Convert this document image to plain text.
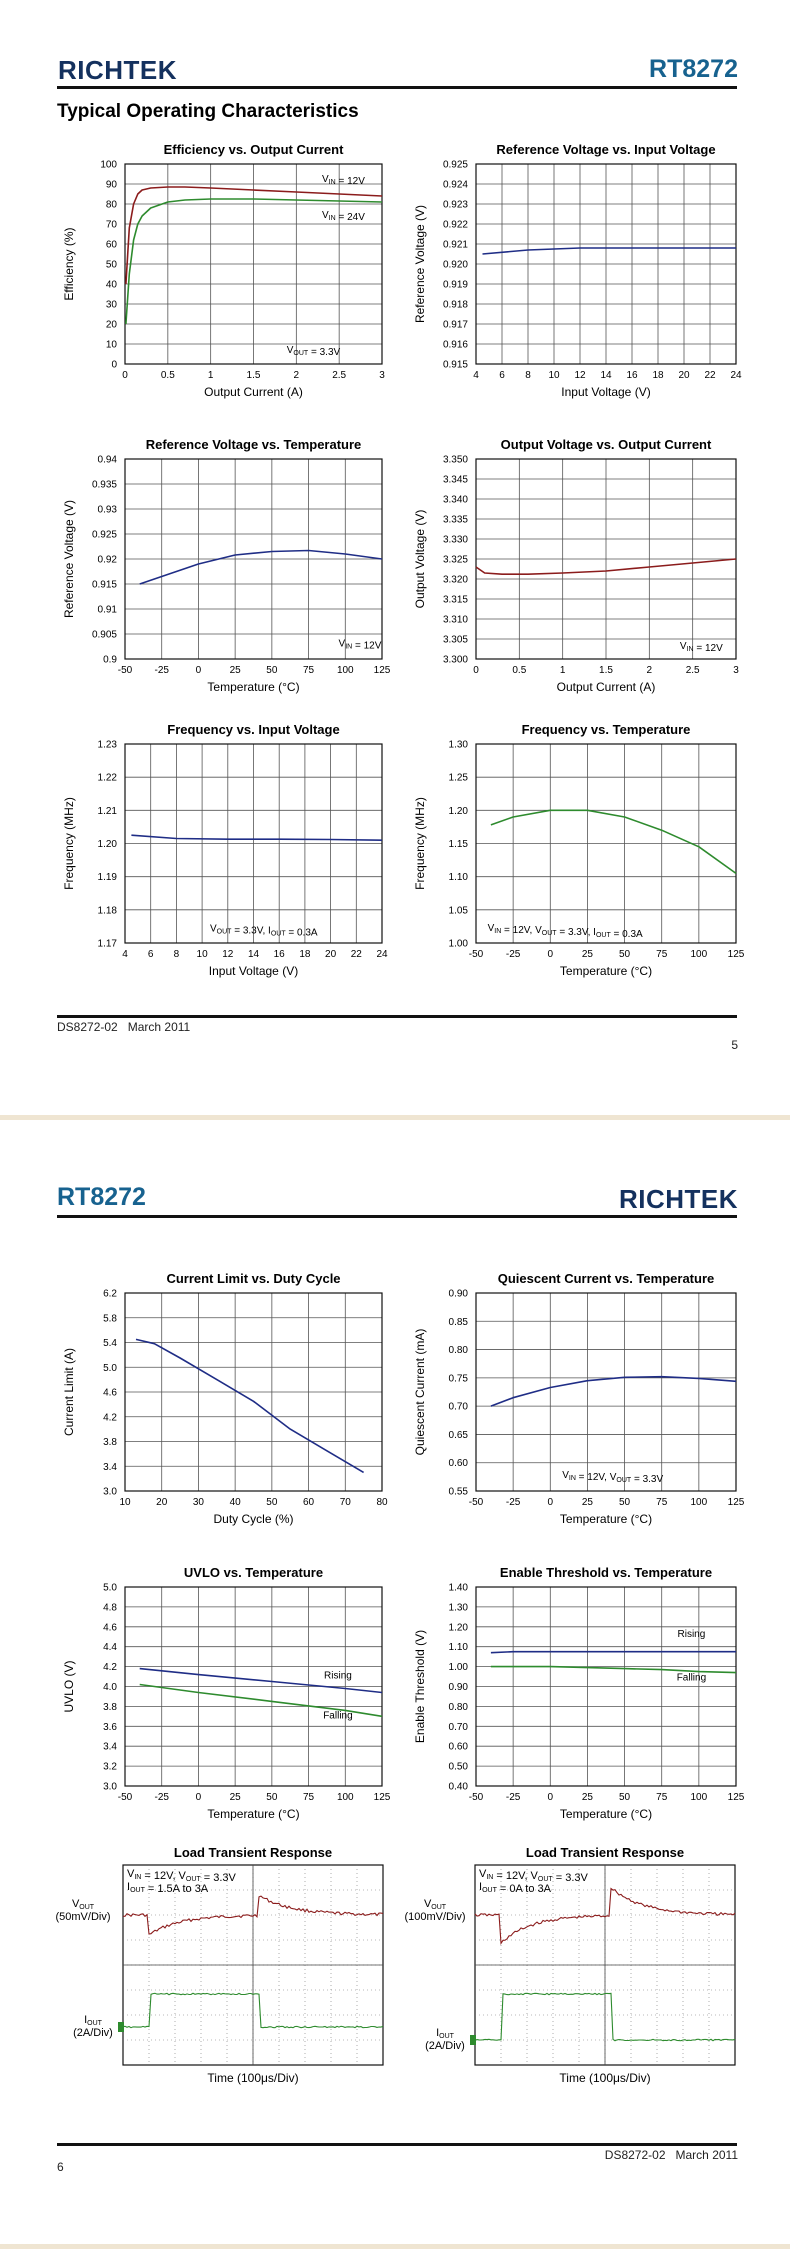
RICHTEK	RT8272
Typical Operating Characteristics
Efficiency vs. Output Current
0	0.5	1	1.5	2	2.5	3
0
10
20
30
40
50
60
70
80
90
100
Output Current (A)
Efficiency (%)
$V_{IN} = 12V$
$V_{IN} = 24V$
$V_{OUT} = 3.3V$
Reference Voltage vs. Input Voltage
4 6 8 10 12 14 16 18 20 22 24
0.915
0.916
0.917
0.918
0.919
0.920
0.921
0.922
0.923
0.924
0.925
Input Voltage (V)
Reference Voltage (V)
Reference Voltage vs. Temperature
-50 -25	0	25	50	75 100 125
0.9
0.905
0.91
0.915
0.92
0.925
0.93
0.935
0.94
Temperature (°C)
Reference Voltage (V)
$V_{IN} = 12V$
Output Voltage vs. Output Current
0	0.5	1	1.5	2	2.5	3
3.300
3.305
3.310
3.315
3.320
3.325
3.330
3.335
3.340
3.345
3.350
Output Current (A)
Output Voltage (V)
$V_{IN} = 12V$
Frequency vs. Input Voltage
4 6 8 10 12 14 16 18 20 22 24
1.17
1.18
1.19
1.20
1.21
1.22
1.23
Input Voltage (V)
Frequency (MHz)
$V_{OUT} = 3.3V$, $I_{OUT} = 0.3A$
Frequency vs. Temperature
-50 -25	0	25	50	75 100 125
1.00
1.05
1.10
1.15
1.20
1.25
1.30
Temperature (°C)
Frequency (MHz)
$V_{IN} = 12V$, $V_{OUT} = 3.3V$, $I_{OUT} = 0.3A$
Current Limit vs. Duty Cycle
10	20	30	40	50	60	70	80
3.0
3.4
3.8
4.2
4.6
5.0
5.4
5.8
6.2
Duty Cycle (%)
Current Limit (A)
Quiescent Current vs. Temperature
-50 -25	0	25	50	75 100 125
0.55
0.60
0.65
0.70
0.75
0.80
0.85
0.90
Temperature (°C)
Quiescent Current (mA)
$V_{IN} = 12V$, $V_{OUT} = 3.3V$
UVLO vs. Temperature
-50 -25	0	25	50	75 100 125
3.0
3.2
3.4
3.6
3.8
4.0
4.2
4.4
4.6
4.8
5.0
Temperature (°C)
UVLO (V)	Rising
Falling
Enable Threshold vs. Temperature
-50 -25	0	25	50	75 100 125
0.40
0.50
0.60
0.70
0.80
0.90
1.00
1.10
1.20
1.30
1.40
Temperature (°C)
Enable Threshold (V)	Rising
Falling
Load Transient Response
VIN = 12V, VOUT = 3.3V
IOUT = 1.5A to 3A
VOUT
(50mV/Div)
IOUT
(2A/Div)
Time (100μs/Div)
Load Transient Response
VIN = 12V, VOUT = 3.3V
IOUT = 0A to 3A
VOUT
(100mV/Div)
IOUT
(2A/Div)
Time (100μs/Div)
DS8272-02 March 2011
5
RT8272	RICHTEK
DS8272-02 March 2011
6
